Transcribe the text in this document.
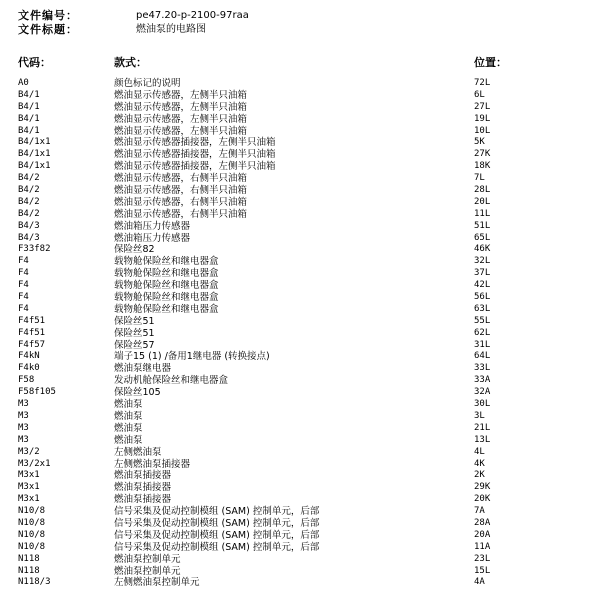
文件编号：	pe47.20-p-2100-97raa
文件标题：	燃油泵的电路图
代码：	款式：	位置：
A0	颜色标记的说明	72L
B4/1	燃油显示传感器，左侧半只油箱	6L
B4/1	燃油显示传感器，左侧半只油箱	27L
B4/1	燃油显示传感器，左侧半只油箱	19L
B4/1	燃油显示传感器，左侧半只油箱	10L
B4/1x1	燃油显示传感器插接器，左侧半只油箱	5K
B4/1x1	燃油显示传感器插接器，左侧半只油箱	27K
B4/1x1	燃油显示传感器插接器，左侧半只油箱	18K
B4/2	燃油显示传感器，右侧半只油箱	7L
B4/2	燃油显示传感器，右侧半只油箱	28L
B4/2	燃油显示传感器，右侧半只油箱	20L
B4/2	燃油显示传感器，右侧半只油箱	11L
B4/3	燃油箱压力传感器	51L
B4/3	燃油箱压力传感器	65L
F33f82	保险丝82	46K
F4	载物舱保险丝和继电器盒	32L
F4	载物舱保险丝和继电器盒	37L
F4	载物舱保险丝和继电器盒	42L
F4	载物舱保险丝和继电器盒	56L
F4	载物舱保险丝和继电器盒	63L
F4f51	保险丝51	55L
F4f51	保险丝51	62L
F4f57	保险丝57	31L
F4kN	端子15 (1) /备用1继电器 (转换接点)	64L
F4k0	燃油泵继电器	33L
F58	发动机舱保险丝和继电器盒	33A
F58f105	保险丝105	32A
M3	燃油泵	30L
M3	燃油泵	3L
M3	燃油泵	21L
M3	燃油泵	13L
M3/2	左侧燃油泵	4L
M3/2x1	左侧燃油泵插接器	4K
M3x1	燃油泵插接器	2K
M3x1	燃油泵插接器	29K
M3x1	燃油泵插接器	20K
N10/8	信号采集及促动控制模组 (SAM) 控制单元，后部	7A
N10/8	信号采集及促动控制模组 (SAM) 控制单元，后部	28A
N10/8	信号采集及促动控制模组 (SAM) 控制单元，后部	20A
N10/8	信号采集及促动控制模组 (SAM) 控制单元，后部	11A
N118	燃油泵控制单元	23L
N118	燃油泵控制单元	15L
N118/3	左侧燃油泵控制单元	4A
